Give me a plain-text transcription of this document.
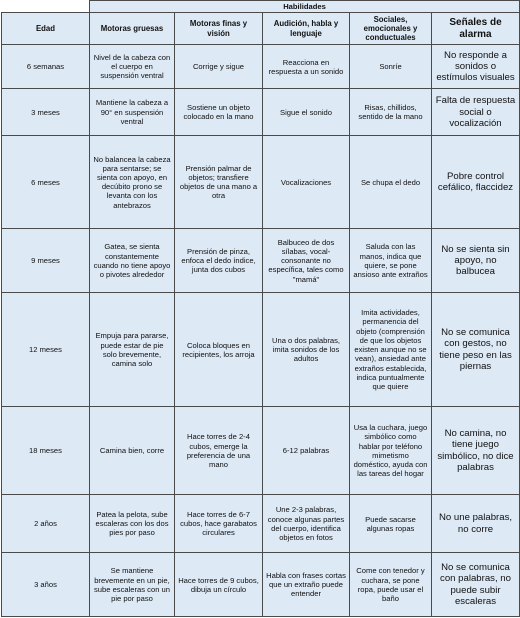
	Habilidades				
Edad	Motoras gruesas	Motoras finas y visión	Audición, habla y lenguaje	Sociales, emocionales y conductuales	Señales de alarma
6 semanas	Nivel de la cabeza con el cuerpo en suspensión ventral	Corrige y sigue	Reacciona en respuesta a un sonido	Sonríe	No responde a sonidos o estímulos visuales
3 meses	Mantiene la cabeza a 90° en suspensión ventral	Sostiene un objeto colocado en la mano	Sigue el sonido	Risas, chillidos, sentido de la mano	Falta de respuesta social o vocalización
6 meses	No balancea la cabeza para sentarse; se sienta con apoyo, en decúbito prono se levanta con los antebrazos	Prensión palmar de objetos; transfiere objetos de una mano a otra	Vocalizaciones	Se chupa el dedo	Pobre control cefálico, flaccidez
9 meses	Gatea, se sienta constantemente cuando no tiene apoyo o pivotes alrededor	Prensión de pinza, enfoca el dedo índice, junta dos cubos	Balbuceo de dos sílabas, vocal-consonante no específica, tales como "mamá"	Saluda con las manos, indica que quiere, se pone ansioso ante extraños	No se sienta sin apoyo, no balbucea
12 meses	Empuja para pararse, puede estar de pie solo brevemente, camina solo	Coloca bloques en recipientes, los arroja	Una o dos palabras, imita sonidos de los adultos	Imita actividades, permanencia del objeto (comprensión de que los objetos existen aunque no se vean), ansiedad ante extraños establecida, indica puntualmente que quiere	No se comunica con gestos, no tiene peso en las piernas
18 meses	Camina bien, corre	Hace torres de 2-4 cubos, emerge la preferencia de una mano	6-12 palabras	Usa la cuchara, juego simbólico como hablar por teléfono mimetismo doméstico, ayuda con las tareas del hogar	No camina, no tiene juego simbólico, no dice palabras
2 años	Patea la pelota, sube escaleras con los dos pies por paso	Hace torres de 6-7 cubos, hace garabatos circulares	Une 2-3 palabras, conoce algunas partes del cuerpo, identifica objetos en fotos	Puede sacarse algunas ropas	No une palabras, no corre
3 años	Se mantiene brevemente en un pie, sube escaleras con un pie por paso	Hace torres de 9 cubos, dibuja un círculo	Habla con frases cortas que un extraño puede entender	Come con tenedor y cuchara, se pone ropa, puede usar el baño	No se comunica con palabras, no puede subir escaleras
